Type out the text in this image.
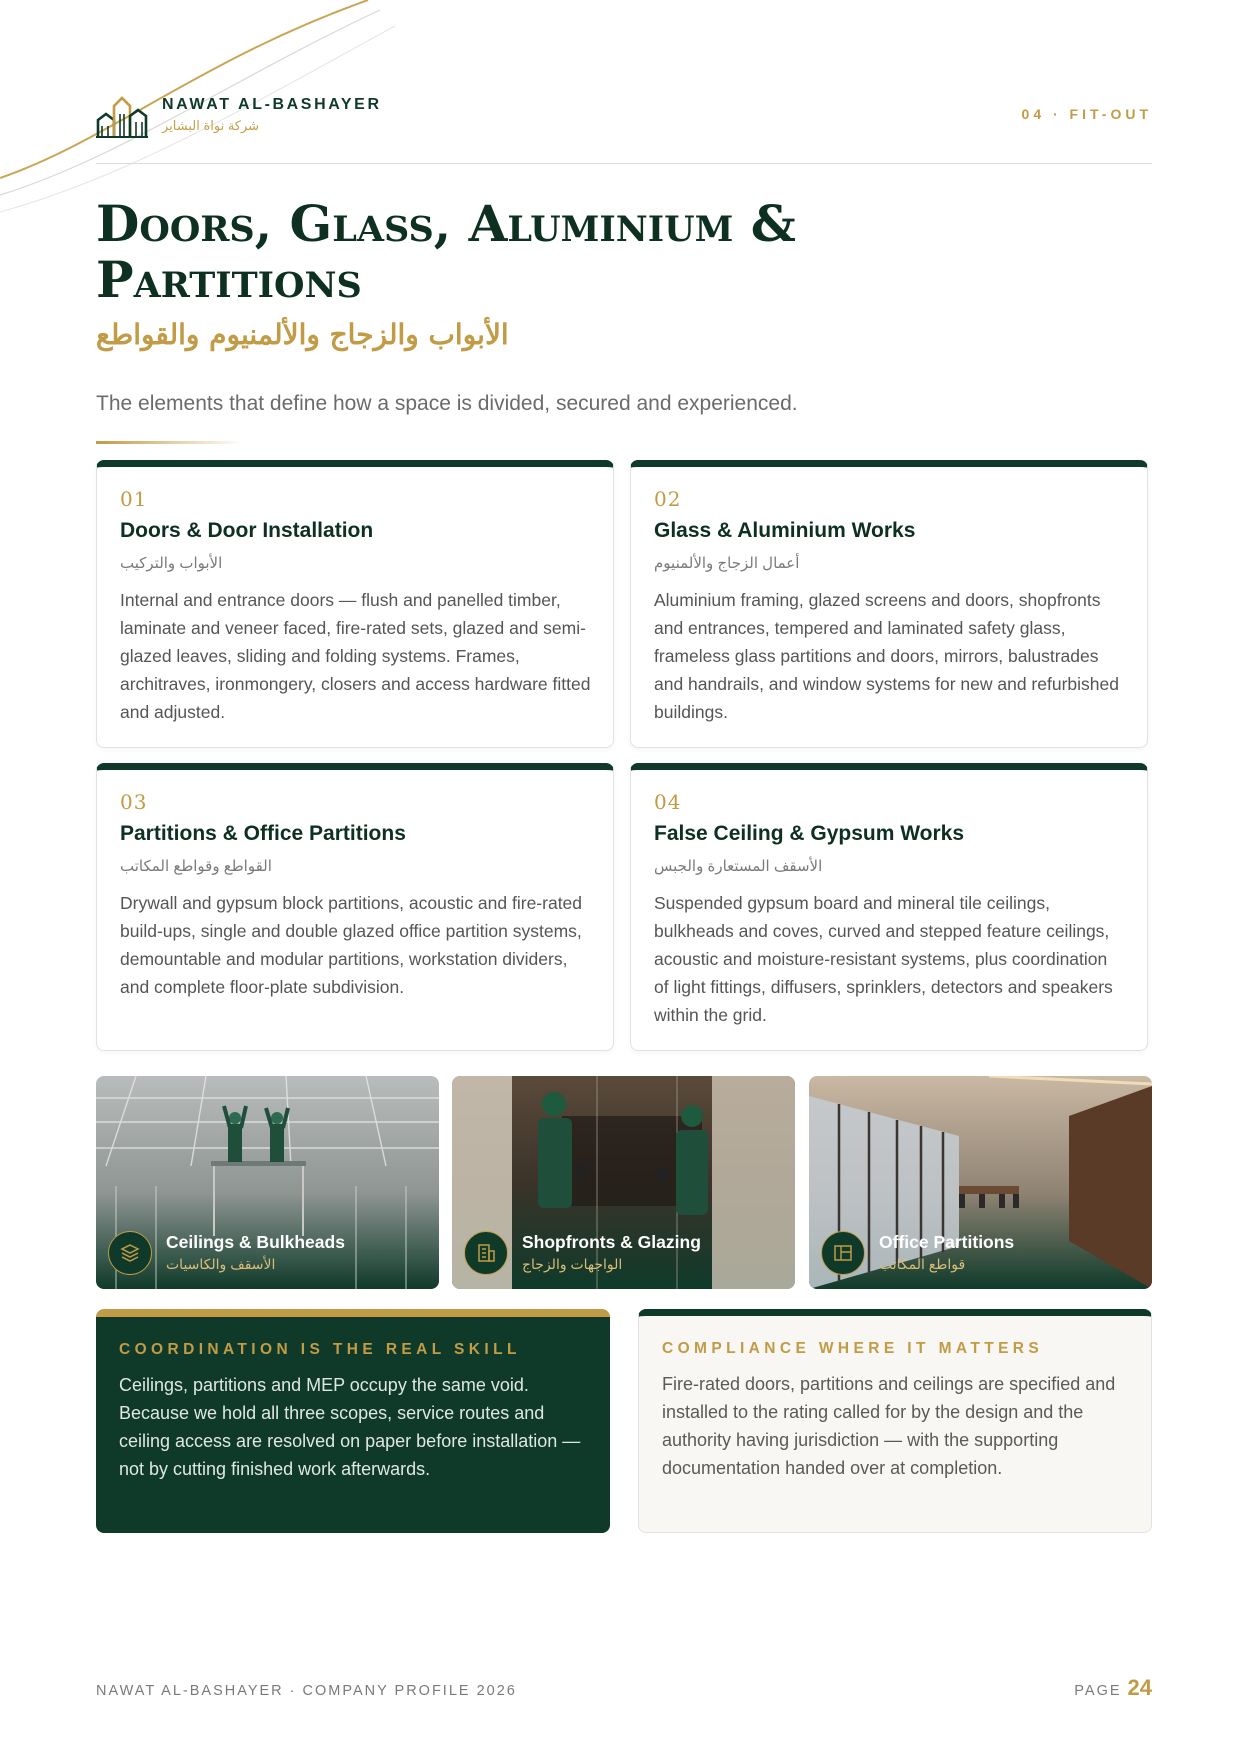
NAWAT AL-BASHAYER
شركة نواة البشاير
04 · FIT-OUT
Doors, Glass, Aluminium &
Partitions
الأبواب والزجاج والألمنيوم والقواطع

The elements that define how a space is divided, secured and experienced.

01
Doors & Door Installation
الأبواب والتركيب

Internal and entrance doors — flush and panelled timber, laminate and veneer faced, fire-rated sets, glazed and semi-glazed leaves, sliding and folding systems. Frames, architraves, ironmongery, closers and access hardware fitted and adjusted.

02
Glass & Aluminium Works
أعمال الزجاج والألمنيوم

Aluminium framing, glazed screens and doors, shopfronts and entrances, tempered and laminated safety glass, frameless glass partitions and doors, mirrors, balustrades and handrails, and window systems for new and refurbished buildings.

03
Partitions & Office Partitions
القواطع وقواطع المكاتب

Drywall and gypsum block partitions, acoustic and fire-rated build-ups, single and double glazed office partition systems, demountable and modular partitions, workstation dividers, and complete floor-plate subdivision.

04
False Ceiling & Gypsum Works
الأسقف المستعارة والجبس

Suspended gypsum board and mineral tile ceilings, bulkheads and coves, curved and stepped feature ceilings, acoustic and moisture-resistant systems, plus coordination of light fittings, diffusers, sprinklers, detectors and speakers within the grid.

Ceilings & Bulkheads
الأسقف والكاسيات
Shopfronts & Glazing
الواجهات والزجاج
Office Partitions
قواطع المكاتب
COORDINATION IS THE REAL SKILL

Ceilings, partitions and MEP occupy the same void. Because we hold all three scopes, service routes and ceiling access are resolved on paper before installation — not by cutting finished work afterwards.

COMPLIANCE WHERE IT MATTERS

Fire-rated doors, partitions and ceilings are specified and installed to the rating called for by the design and the authority having jurisdiction — with the supporting documentation handed over at completion.

NAWAT AL-BASHAYER · COMPANY PROFILE 2026	PAGE 24
